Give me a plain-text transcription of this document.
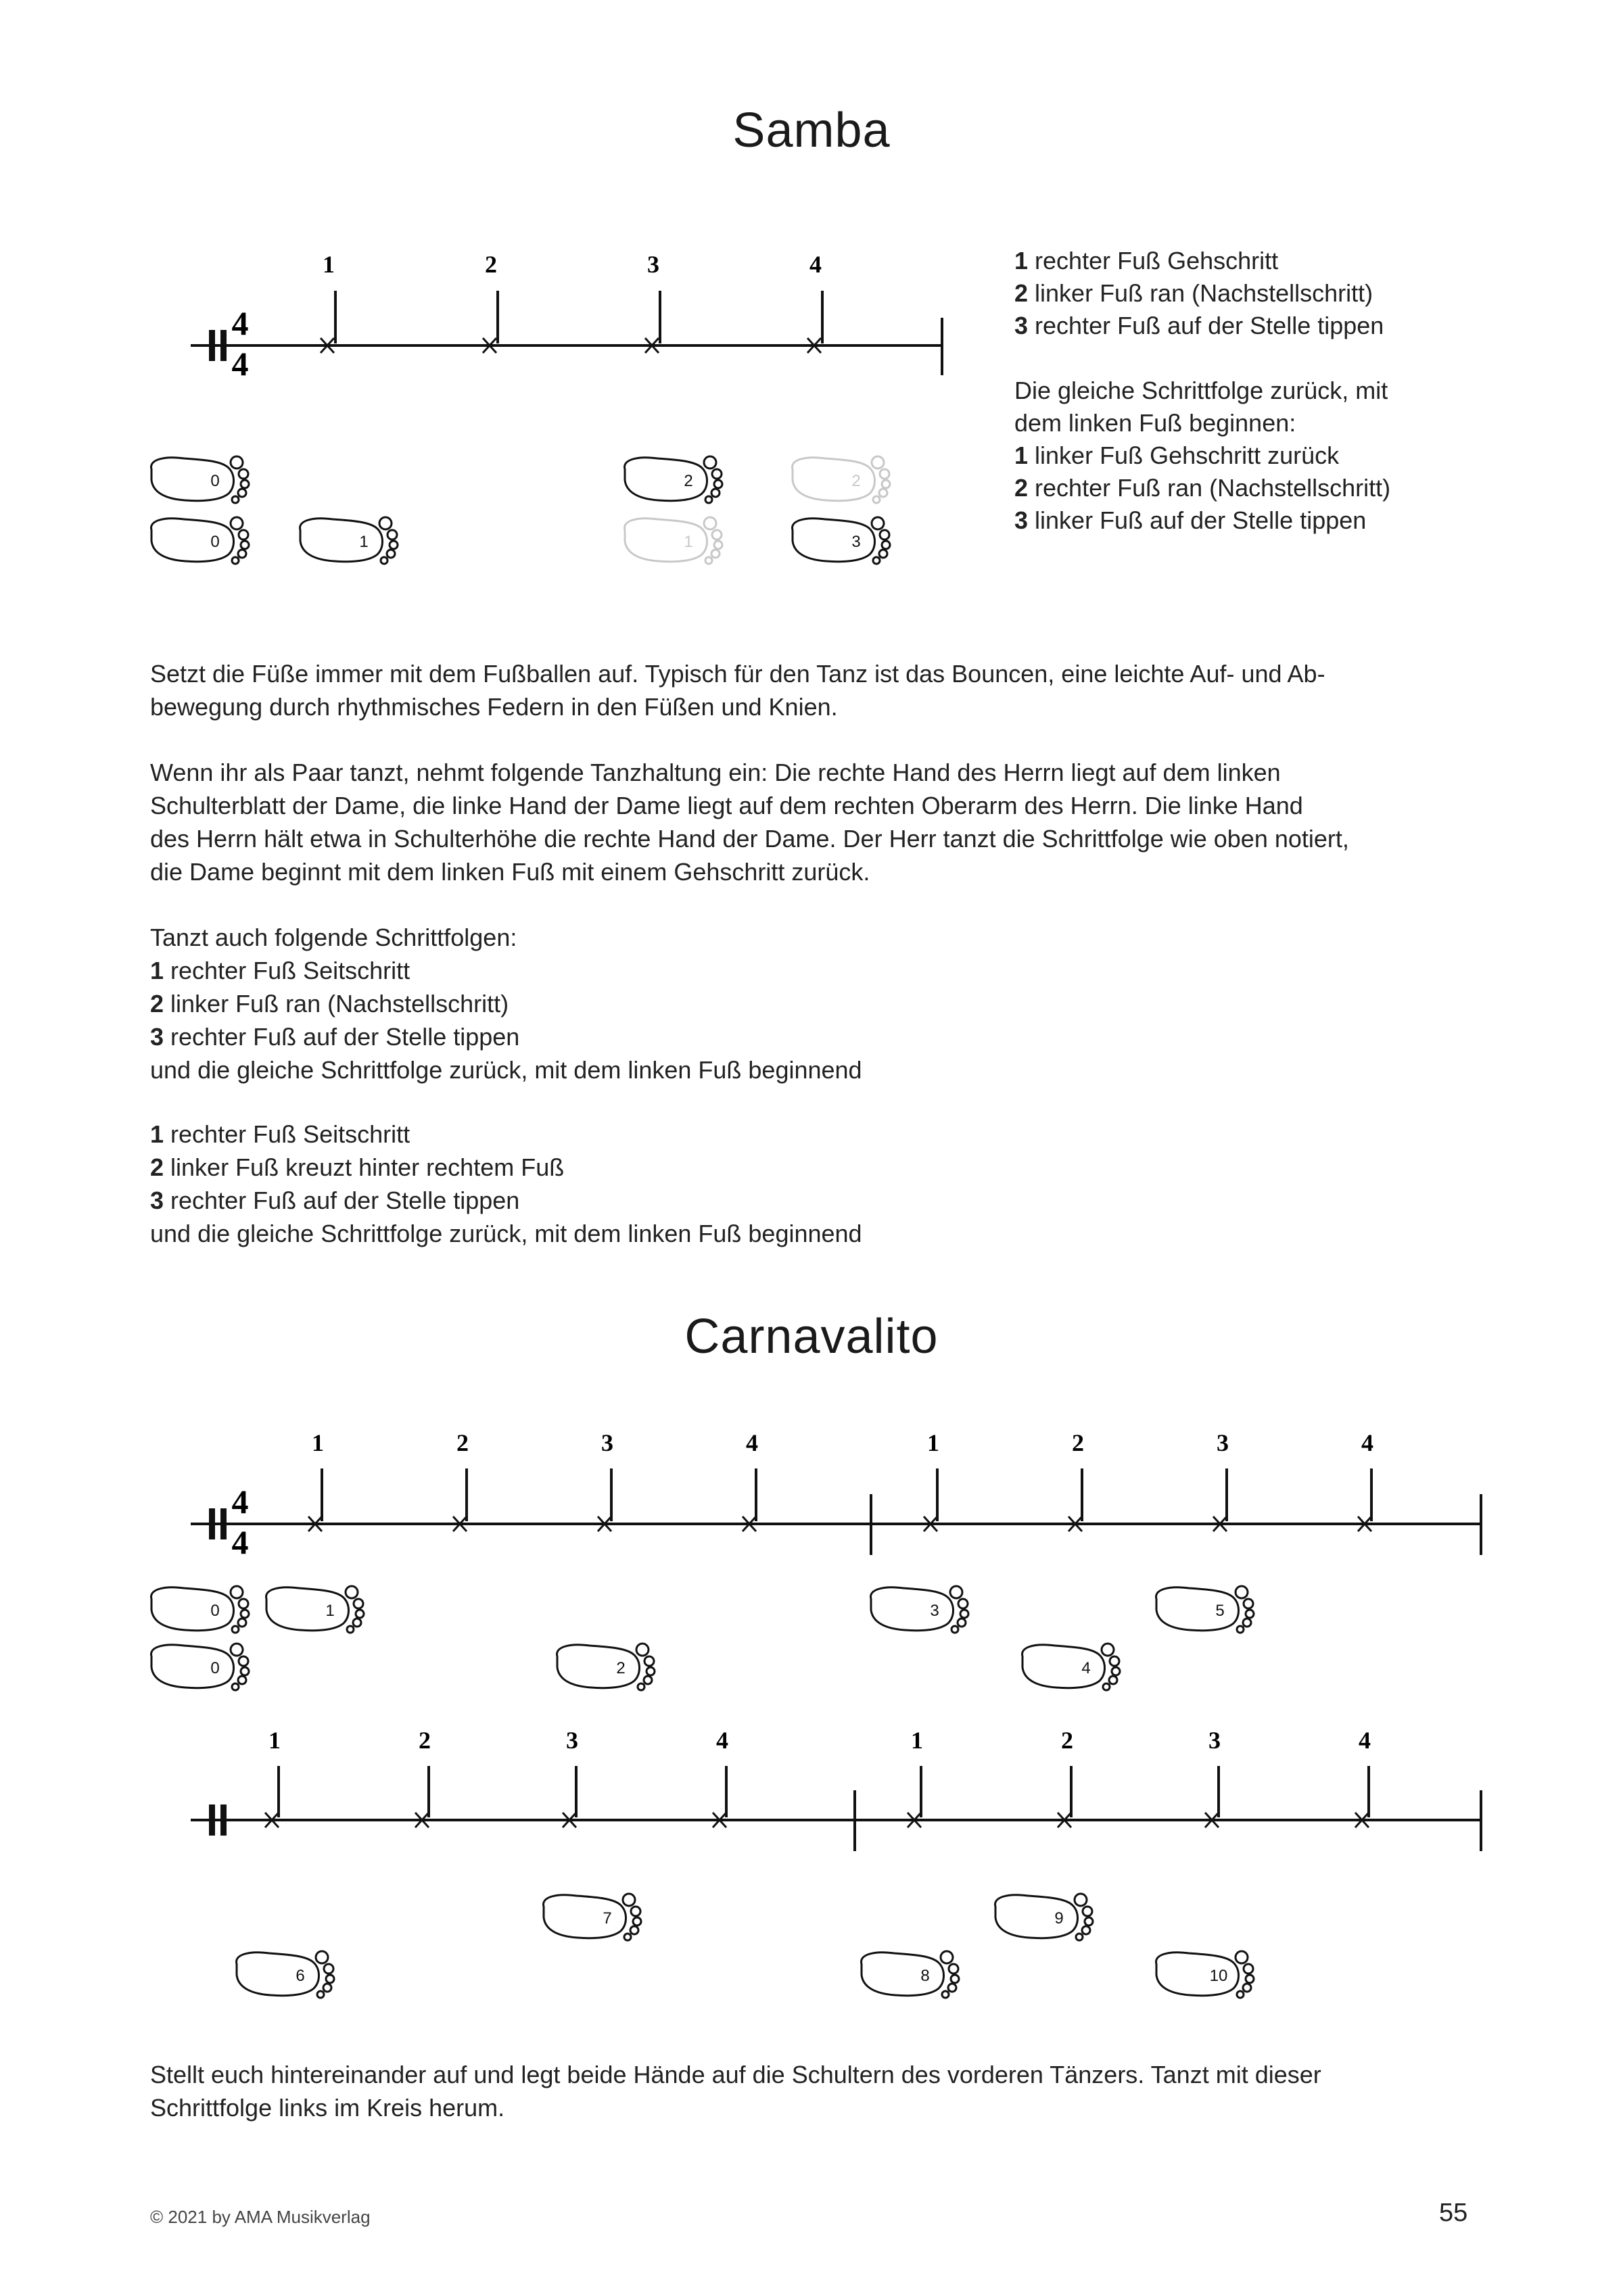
Samba
4
4
1	2	3	4
0
0	1
2
1
2
3
4
4
1	2	3	4	1	2	3	4
0
0
1
2
3
4
5
1	2	3	4	1	2	3	4
6
7
8
9
10
1 rechter Fuß Gehschritt
2 linker Fuß ran (Nachstellschritt)
3 rechter Fuß auf der Stelle tippen

Die gleiche Schrittfolge zurück, mit
dem linken Fuß beginnen:
1 linker Fuß Gehschritt zurück
2 rechter Fuß ran (Nachstellschritt)
3 linker Fuß auf der Stelle tippen
Setzt die Füße immer mit dem Fußballen auf. Typisch für den Tanz ist das Bouncen, eine leichte Auf- und Ab-
bewegung durch rhythmisches Federn in den Füßen und Knien.
Wenn ihr als Paar tanzt, nehmt folgende Tanzhaltung ein: Die rechte Hand des Herrn liegt auf dem linken
Schulterblatt der Dame, die linke Hand der Dame liegt auf dem rechten Oberarm des Herrn. Die linke Hand
des Herrn hält etwa in Schulterhöhe die rechte Hand der Dame. Der Herr tanzt die Schrittfolge wie oben notiert,
die Dame beginnt mit dem linken Fuß mit einem Gehschritt zurück.
Tanzt auch folgende Schrittfolgen:
1 rechter Fuß Seitschritt
2 linker Fuß ran (Nachstellschritt)
3 rechter Fuß auf der Stelle tippen
und die gleiche Schrittfolge zurück, mit dem linken Fuß beginnend
1 rechter Fuß Seitschritt
2 linker Fuß kreuzt hinter rechtem Fuß
3 rechter Fuß auf der Stelle tippen
und die gleiche Schrittfolge zurück, mit dem linken Fuß beginnend
Carnavalito
Stellt euch hintereinander auf und legt beide Hände auf die Schultern des vorderen Tänzers. Tanzt mit dieser
Schrittfolge links im Kreis herum.
© 2021 by AMA Musikverlag	55
